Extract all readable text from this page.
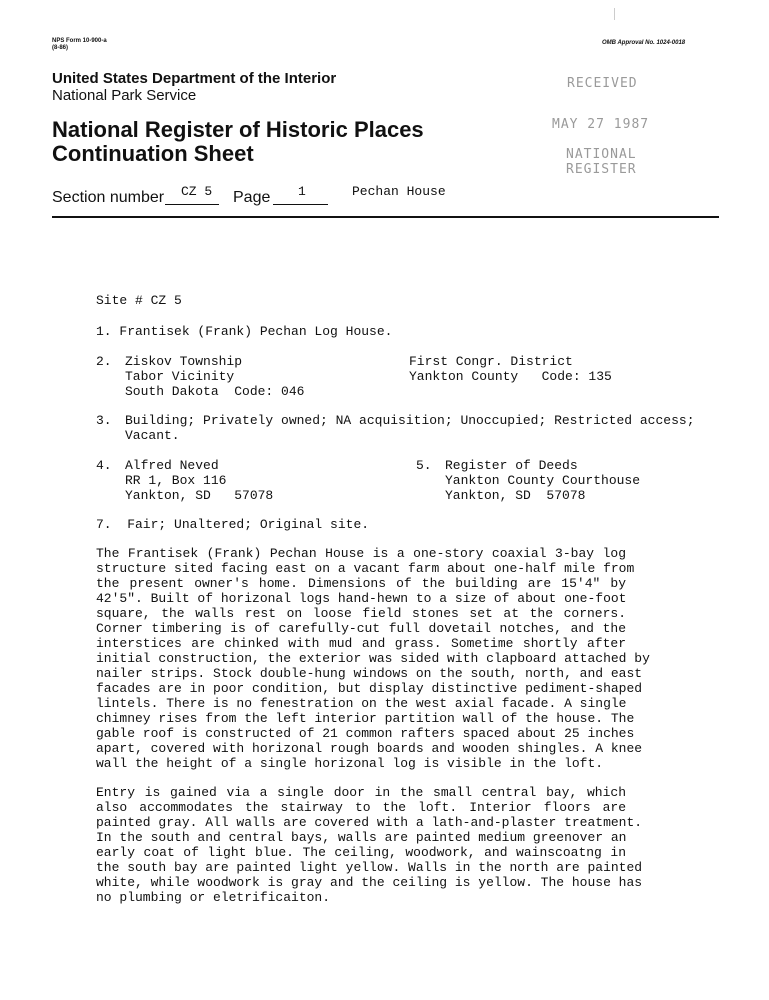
NPS Form 10-900-a
(8-86)
OMB Approval No. 1024-0018
United States Department of the Interior
National Park Service
National Register of Historic Places
Continuation Sheet
RECEIVED
MAY 27 1987
NATIONAL
REGISTER
Section number CZ 5 Page 1	Pechan House
Site # CZ 5
1. Frantisek (Frank) Pechan Log House.
2. Ziskov Township
Tabor Vicinity
South Dakota  Code: 046
First Congr. District
Yankton County   Code: 135
3. Building; Privately owned; NA acquisition; Unoccupied; Restricted access;
Vacant.
4. Alfred Neved
RR 1, Box 116
Yankton, SD   57078
5. Register of Deeds
Yankton County Courthouse
Yankton, SD  57078
7.  Fair; Unaltered; Original site.
The Frantisek (Frank) Pechan House is a one-story coaxial 3-bay log
structure sited facing east on a vacant farm about one-half mile from
the present owner's home. Dimensions of the building are 15'4" by
42'5". Built of horizonal logs hand-hewn to a size of about one-foot
square, the walls rest on loose field stones set at the corners.
Corner timbering is of carefully-cut full dovetail notches, and the
interstices are chinked with mud and grass. Sometime shortly after
initial construction, the exterior was sided with clapboard attached by
nailer strips. Stock double-hung windows on the south, north, and east
facades are in poor condition, but display distinctive pediment-shaped
lintels. There is no fenestration on the west axial facade. A single
chimney rises from the left interior partition wall of the house. The
gable roof is constructed of 21 common rafters spaced about 25 inches
apart, covered with horizonal rough boards and wooden shingles. A knee
wall the height of a single horizonal log is visible in the loft.
Entry is gained via a single door in the small central bay, which
also accommodates the stairway to the loft. Interior floors are
painted gray. All walls are covered with a lath-and-plaster treatment.
In the south and central bays, walls are painted medium greenover an
early coat of light blue. The ceiling, woodwork, and wainscoatng in
the south bay are painted light yellow. Walls in the north are painted
white, while woodwork is gray and the ceiling is yellow. The house has
no plumbing or eletrificaiton.
